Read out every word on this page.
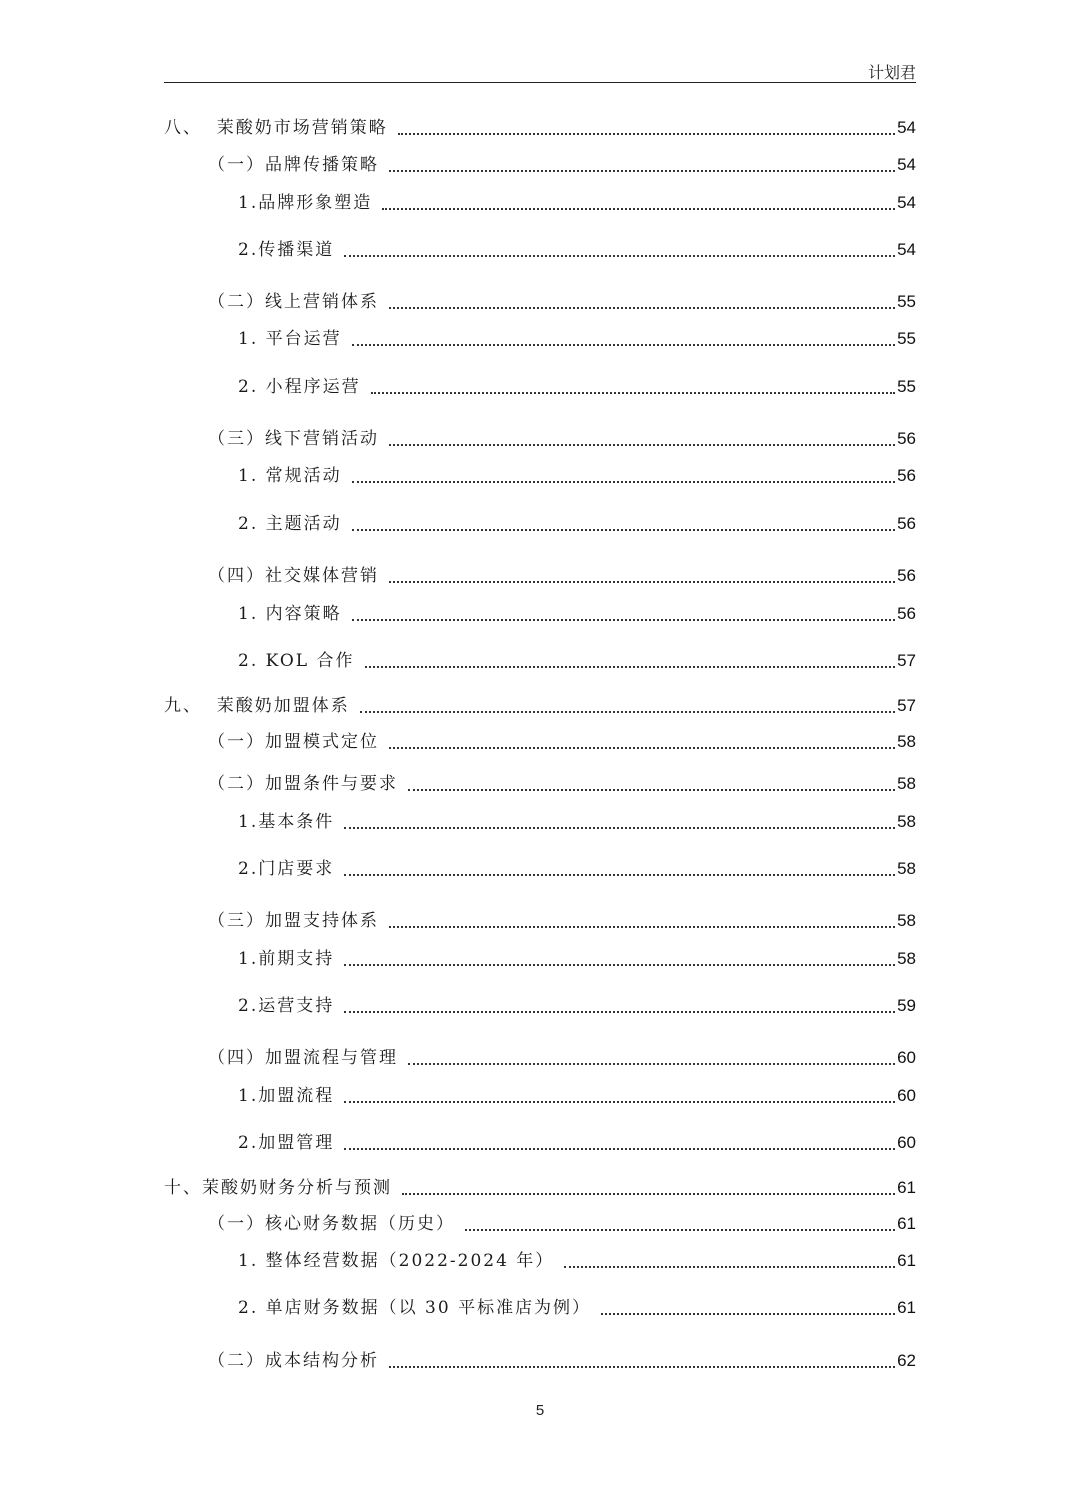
计划君
八、  茉酸奶市场营销策略	54
（一）品牌传播策略	54
1.品牌形象塑造	54
2.传播渠道	54
（二）线上营销体系	55
1. 平台运营	55
2. 小程序运营	55
（三）线下营销活动	56
1. 常规活动	56
2. 主题活动	56
（四）社交媒体营销	56
1. 内容策略	56
2. KOL 合作	57
九、  茉酸奶加盟体系	57
（一）加盟模式定位	58
（二）加盟条件与要求	58
1.基本条件	58
2.门店要求	58
（三）加盟支持体系	58
1.前期支持	58
2.运营支持	59
（四）加盟流程与管理	60
1.加盟流程	60
2.加盟管理	60
十、茉酸奶财务分析与预测	61
（一）核心财务数据（历史）	61
1. 整体经营数据（2022-2024 年）	61
2. 单店财务数据（以 30 平标准店为例）	61
（二）成本结构分析	62
5
